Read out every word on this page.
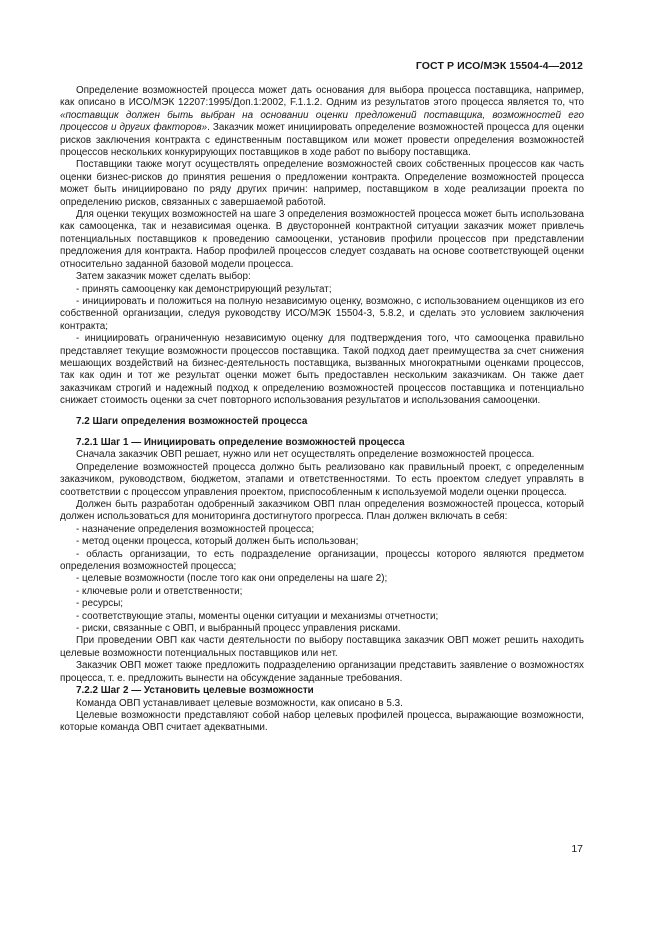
ГОСТ Р ИСО/МЭК 15504-4—2012

Определение возможностей процесса может дать основания для выбора процесса поставщика, например, как описано в ИСО/МЭК 12207:1995/Доп.1:2002, F.1.1.2. Одним из результатов этого процесса является то, что «поставщик должен быть выбран на основании оценки предложений поставщика, возможностей его процессов и других факторов». Заказчик может инициировать определение возможностей процесса для оценки рисков заключения контракта с единственным поставщиком или может провести определения возможностей процессов нескольких конкурирующих поставщиков в ходе работ по выбору поставщика.

Поставщики также могут осуществлять определение возможностей своих собственных процессов как часть оценки бизнес-рисков до принятия решения о предложении контракта. Определение возможностей процесса может быть инициировано по ряду других причин: например, поставщиком в ходе реализации проекта по определению рисков, связанных с завершаемой работой.

Для оценки текущих возможностей на шаге 3 определения возможностей процесса может быть использована как самооценка, так и независимая оценка. В двусторонней контрактной ситуации заказчик может привлечь потенциальных поставщиков к проведению самооценки, установив профили процессов при представлении предложения для контракта. Набор профилей процессов следует создавать на основе соответствующей оценки относительно заданной базовой модели процесса.

Затем заказчик может сделать выбор:

- принять самооценку как демонстрирующий результат;

- инициировать и положиться на полную независимую оценку, возможно, с использованием оценщиков из его собственной организации, следуя руководству ИСО/МЭК 15504-3, 5.8.2, и сделать это условием заключения контракта;

- инициировать ограниченную независимую оценку для подтверждения того, что самооценка правильно представляет текущие возможности процессов поставщика. Такой подход дает преимущества за счет снижения мешающих воздействий на бизнес-деятельность поставщика, вызванных многократными оценками процессов, так как один и тот же результат оценки может быть предоставлен нескольким заказчикам. Он также дает заказчикам строгий и надежный подход к определению возможностей процессов поставщика и потенциально снижает стоимость оценки за счет повторного использования результатов и использования самооценки.

7.2 Шаги определения возможностей процесса
7.2.1 Шаг 1 — Инициировать определение возможностей процесса

Сначала заказчик ОВП решает, нужно или нет осуществлять определение возможностей процесса.

Определение возможностей процесса должно быть реализовано как правильный проект, с определенным заказчиком, руководством, бюджетом, этапами и ответственностями. То есть проектом следует управлять в соответствии с процессом управления проектом, приспособленным к используемой модели оценки процесса.

Должен быть разработан одобренный заказчиком ОВП план определения возможностей процесса, который должен использоваться для мониторинга достигнутого прогресса. План должен включать в себя:

- назначение определения возможностей процесса;

- метод оценки процесса, который должен быть использован;

- область организации, то есть подразделение организации, процессы которого являются предметом определения возможностей процесса;

- целевые возможности (после того как они определены на шаге 2);

- ключевые роли и ответственности;

- ресурсы;

- соответствующие этапы, моменты оценки ситуации и механизмы отчетности;

- риски, связанные с ОВП, и выбранный процесс управления рисками.

При проведении ОВП как части деятельности по выбору поставщика заказчик ОВП может решить находить целевые возможности потенциальных поставщиков или нет.

Заказчик ОВП может также предложить подразделению организации представить заявление о возможностях процесса, т. е. предложить вынести на обсуждение заданные требования.

7.2.2 Шаг 2 — Установить целевые возможности

Команда ОВП устанавливает целевые возможности, как описано в 5.3.

Целевые возможности представляют собой набор целевых профилей процесса, выражающие возможности, которые команда ОВП считает адекватными.

17
